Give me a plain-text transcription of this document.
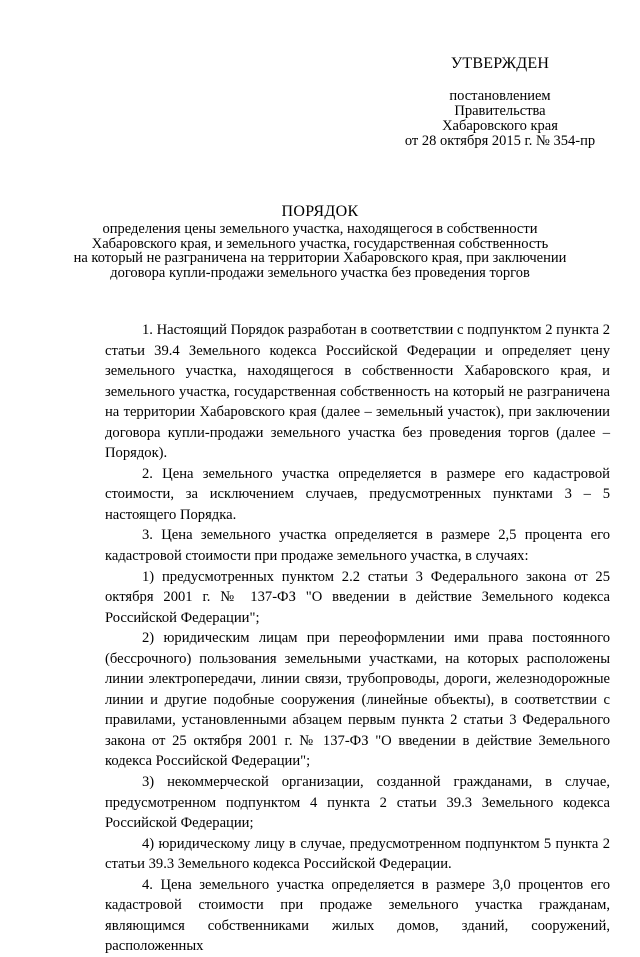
УТВЕРЖДЕН
постановлением
Правительства
Хабаровского края
от 28 октября 2015 г. № 354-пр
ПОРЯДОК
определения цены земельного участка, находящегося в собственности
Хабаровского края, и земельного участка, государственная собственность
на который не разграничена на территории Хабаровского края, при заключении
договора купли-продажи земельного участка без проведения торгов

1. Настоящий Порядок разработан в соответствии с подпунктом 2 пункта 2 статьи 39.4 Земельного кодекса Российской Федерации и определяет цену земельного участка, находящегося в собственности Хабаровского края, и земельного участка, государственная собственность на который не разграничена на территории Хабаровского края (далее – земельный участок), при заключении договора купли-продажи земельного участка без проведения торгов (далее – Порядок).

2. Цена земельного участка определяется в размере его кадастровой стоимости, за исключением случаев, предусмотренных пунктами 3 – 5 настоящего Порядка.

3. Цена земельного участка определяется в размере 2,5 процента его кадастровой стоимости при продаже земельного участка, в случаях:

1) предусмотренных пунктом 2.2 статьи 3 Федерального закона от 25 октября 2001 г. № 137-ФЗ "О введении в действие Земельного кодекса Российской Федерации";

2) юридическим лицам при переоформлении ими права постоянного (бессрочного) пользования земельными участками, на которых расположены линии электропередачи, линии связи, трубопроводы, дороги, железнодорожные линии и другие подобные сооружения (линейные объекты), в соответствии с правилами, установленными абзацем первым пункта 2 статьи 3 Федерального закона от 25 октября 2001 г. № 137-ФЗ "О введении в действие Земельного кодекса Российской Федерации";

3) некоммерческой организации, созданной гражданами, в случае, предусмотренном подпунктом 4 пункта 2 статьи 39.3 Земельного кодекса Российской Федерации;

4) юридическому лицу в случае, предусмотренном подпунктом 5 пункта 2 статьи 39.3 Земельного кодекса Российской Федерации.

4. Цена земельного участка определяется в размере 3,0 процентов его кадастровой стоимости при продаже земельного участка гражданам, являющимся собственниками жилых домов, зданий, сооружений, расположенных
